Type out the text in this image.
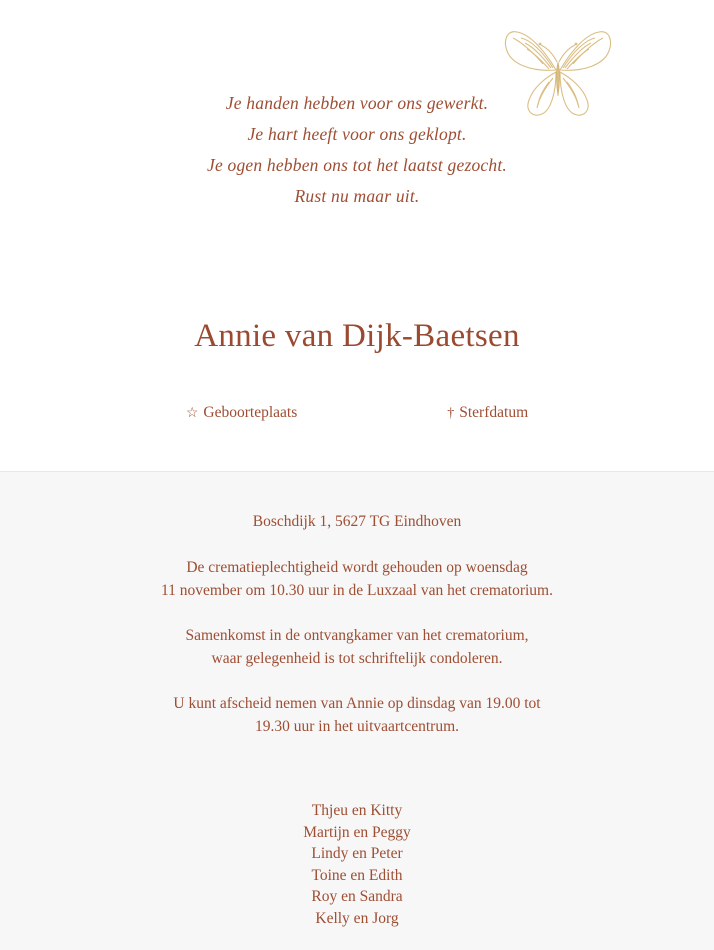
Je handen hebben voor ons gewerkt.
Je hart heeft voor ons geklopt.
Je ogen hebben ons tot het laatst gezocht.
Rust nu maar uit.
Annie van Dijk-Baetsen
☆ Geboorteplaats	† Sterfdatum
Boschdijk 1, 5627 TG Eindhoven
De crematieplechtigheid wordt gehouden op woensdag
11 november om 10.30 uur in de Luxzaal van het crematorium.
Samenkomst in de ontvangkamer van het crematorium,
waar gelegenheid is tot schriftelijk condoleren.
U kunt afscheid nemen van Annie op dinsdag van 19.00 tot
19.30 uur in het uitvaartcentrum.
Thjeu en Kitty
Martijn en Peggy
Lindy en Peter
Toine en Edith
Roy en Sandra
Kelly en Jorg
